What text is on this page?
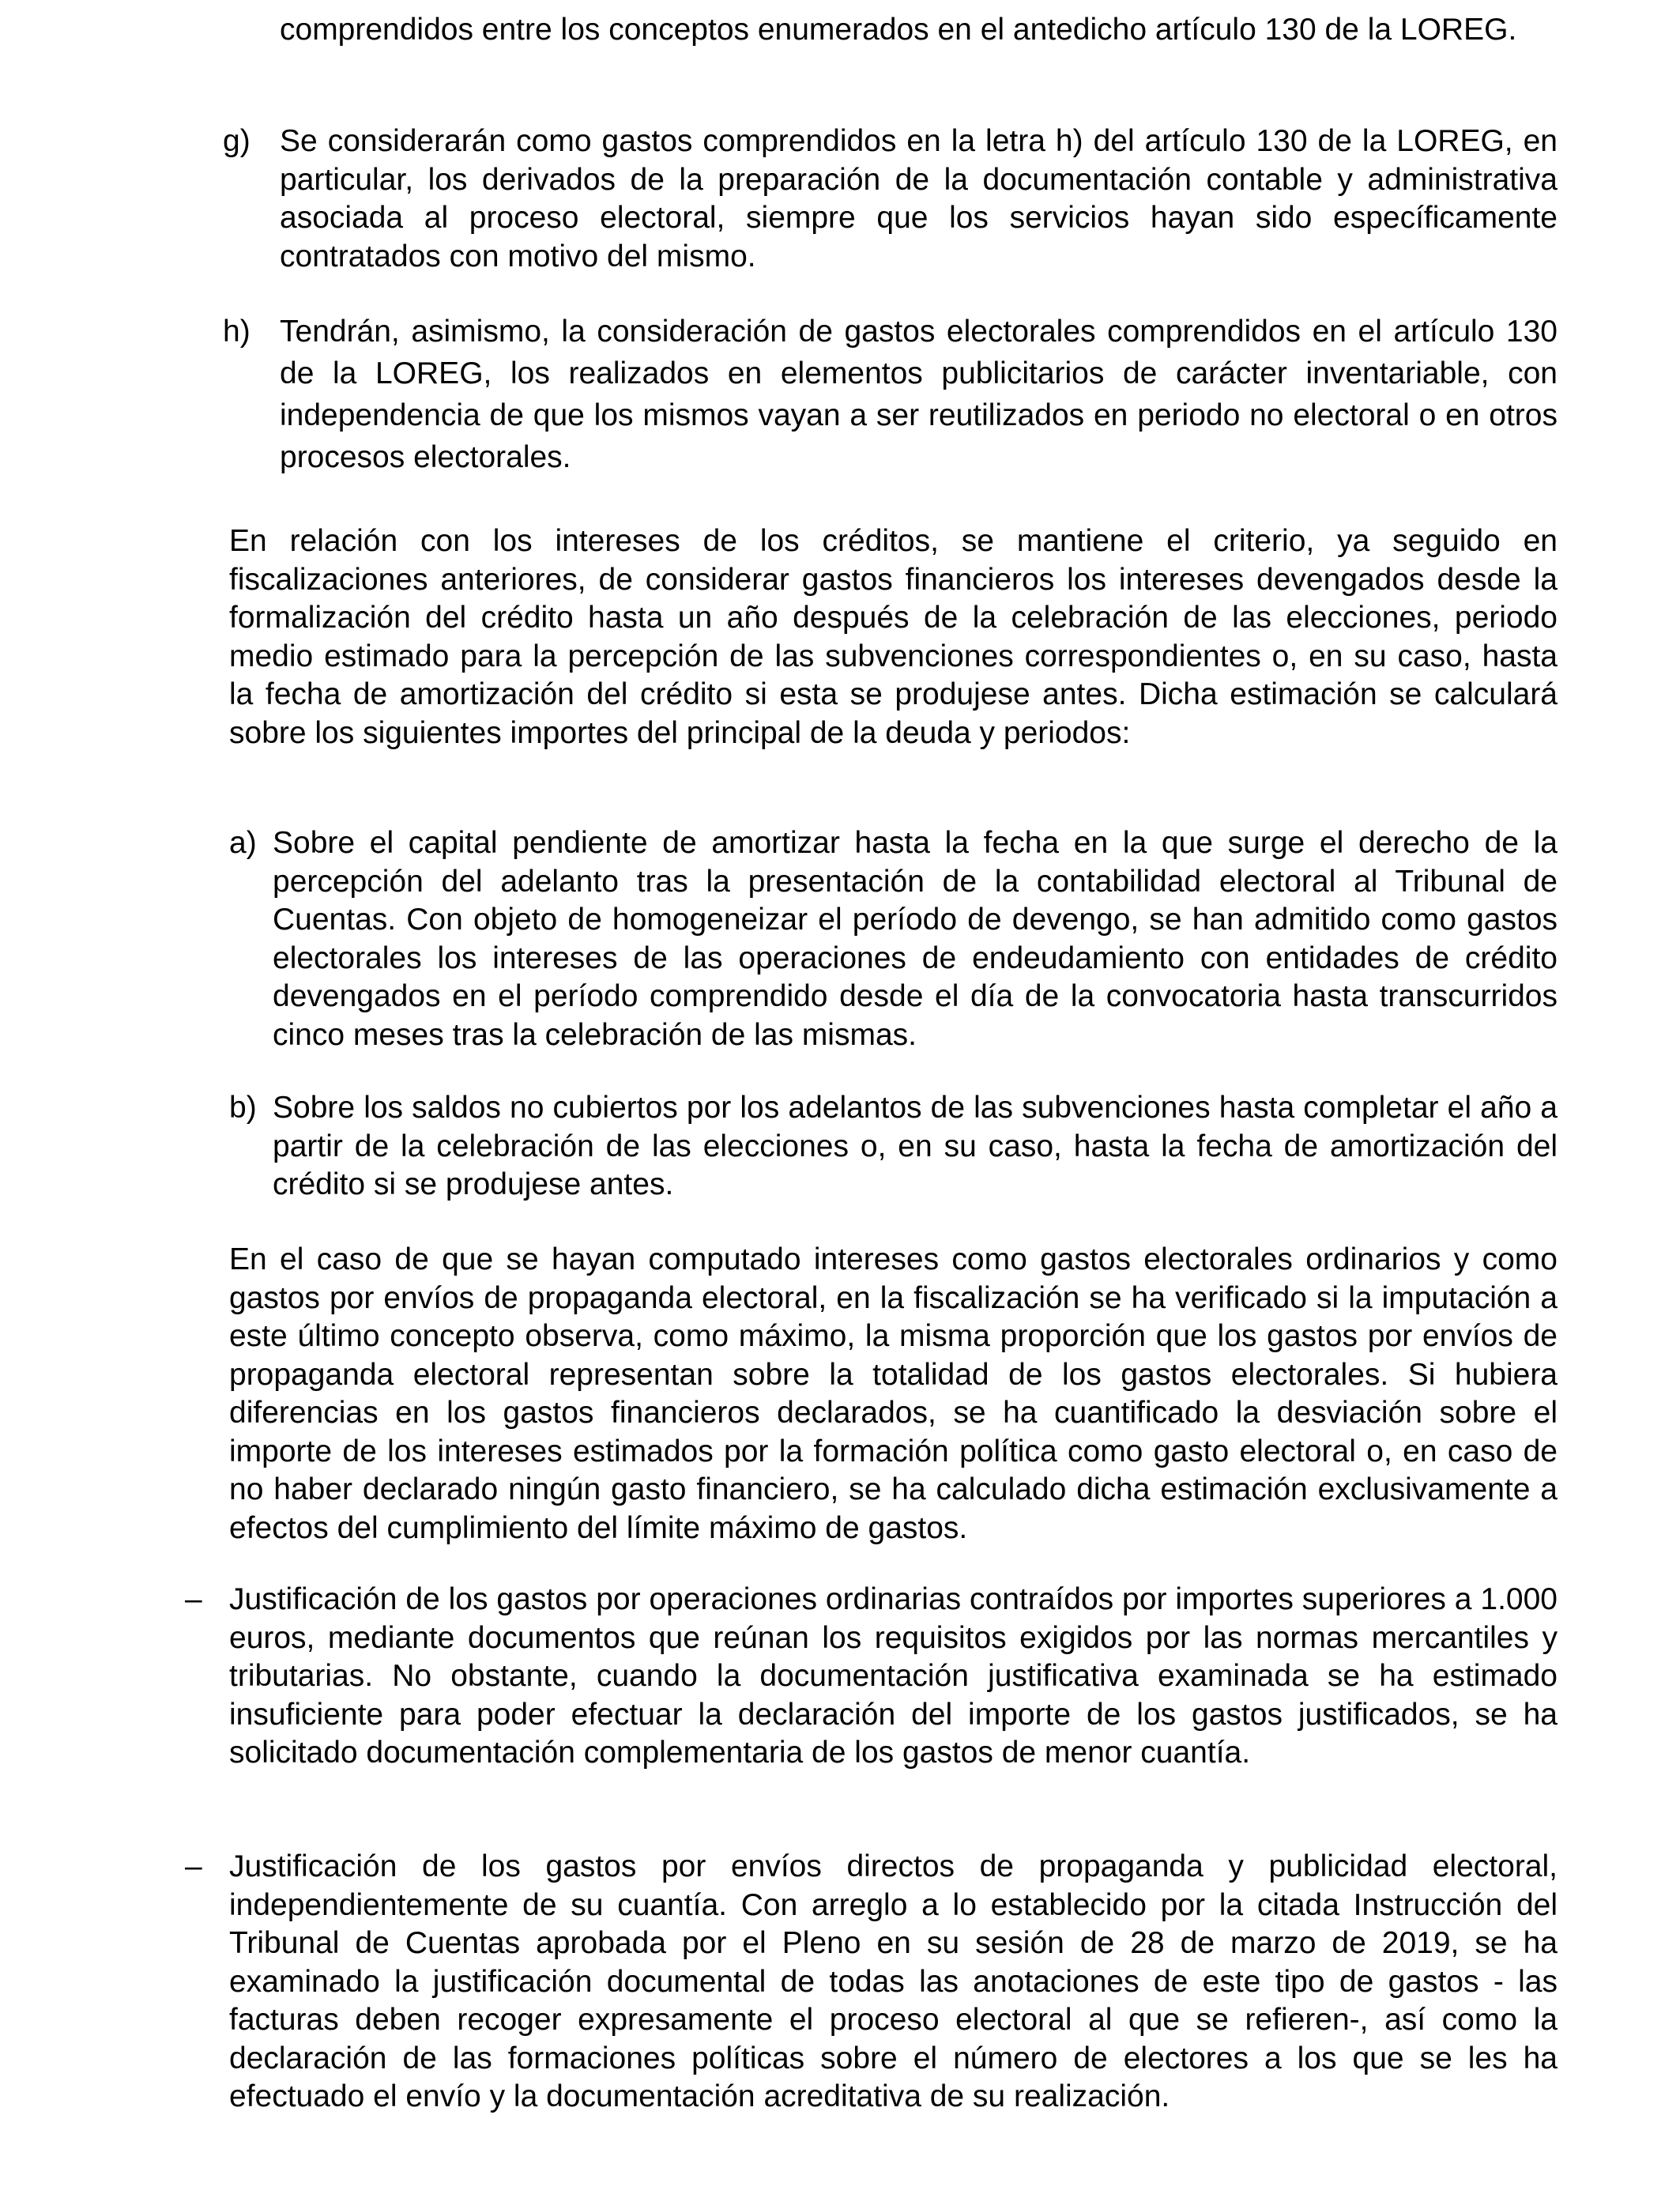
comprendidos entre los conceptos enumerados en el antedicho artículo 130 de la LOREG.

g) Se considerarán como gastos comprendidos en la letra h) del artículo 130 de la LOREG, en particular, los derivados de la preparación de la documentación contable y administrativa asociada al proceso electoral, siempre que los servicios hayan sido específicamente contratados con motivo del mismo.

h) Tendrán, asimismo, la consideración de gastos electorales comprendidos en el artículo 130 de la LOREG, los realizados en elementos publicitarios de carácter inventariable, con independencia de que los mismos vayan a ser reutilizados en periodo no electoral o en otros procesos electorales.

En relación con los intereses de los créditos, se mantiene el criterio, ya seguido en fiscalizaciones anteriores, de considerar gastos financieros los intereses devengados desde la formalización del crédito hasta un año después de la celebración de las elecciones, periodo medio estimado para la percepción de las subvenciones correspondientes o, en su caso, hasta la fecha de amortización del crédito si esta se produjese antes. Dicha estimación se calculará sobre los siguientes importes del principal de la deuda y periodos:

a) Sobre el capital pendiente de amortizar hasta la fecha en la que surge el derecho de la percepción del adelanto tras la presentación de la contabilidad electoral al Tribunal de Cuentas. Con objeto de homogeneizar el período de devengo, se han admitido como gastos electorales los intereses de las operaciones de endeudamiento con entidades de crédito devengados en el período comprendido desde el día de la convocatoria hasta transcurridos cinco meses tras la celebración de las mismas.

b) Sobre los saldos no cubiertos por los adelantos de las subvenciones hasta completar el año a partir de la celebración de las elecciones o, en su caso, hasta la fecha de amortización del crédito si se produjese antes.

En el caso de que se hayan computado intereses como gastos electorales ordinarios y como gastos por envíos de propaganda electoral, en la fiscalización se ha verificado si la imputación a este último concepto observa, como máximo, la misma proporción que los gastos por envíos de propaganda electoral representan sobre la totalidad de los gastos electorales. Si hubiera diferencias en los gastos financieros declarados, se ha cuantificado la desviación sobre el importe de los intereses estimados por la formación política como gasto electoral o, en caso de no haber declarado ningún gasto financiero, se ha calculado dicha estimación exclusivamente a efectos del cumplimiento del límite máximo de gastos.

– Justificación de los gastos por operaciones ordinarias contraídos por importes superiores a 1.000 euros, mediante documentos que reúnan los requisitos exigidos por las normas mercantiles y tributarias. No obstante, cuando la documentación justificativa examinada se ha estimado insuficiente para poder efectuar la declaración del importe de los gastos justificados, se ha solicitado documentación complementaria de los gastos de menor cuantía.

– Justificación de los gastos por envíos directos de propaganda y publicidad electoral, independientemente de su cuantía. Con arreglo a lo establecido por la citada Instrucción del Tribunal de Cuentas aprobada por el Pleno en su sesión de 28 de marzo de 2019, se ha examinado la justificación documental de todas las anotaciones de este tipo de gastos - las facturas deben recoger expresamente el proceso electoral al que se refieren-, así como la declaración de las formaciones políticas sobre el número de electores a los que se les ha efectuado el envío y la documentación acreditativa de su realización.
